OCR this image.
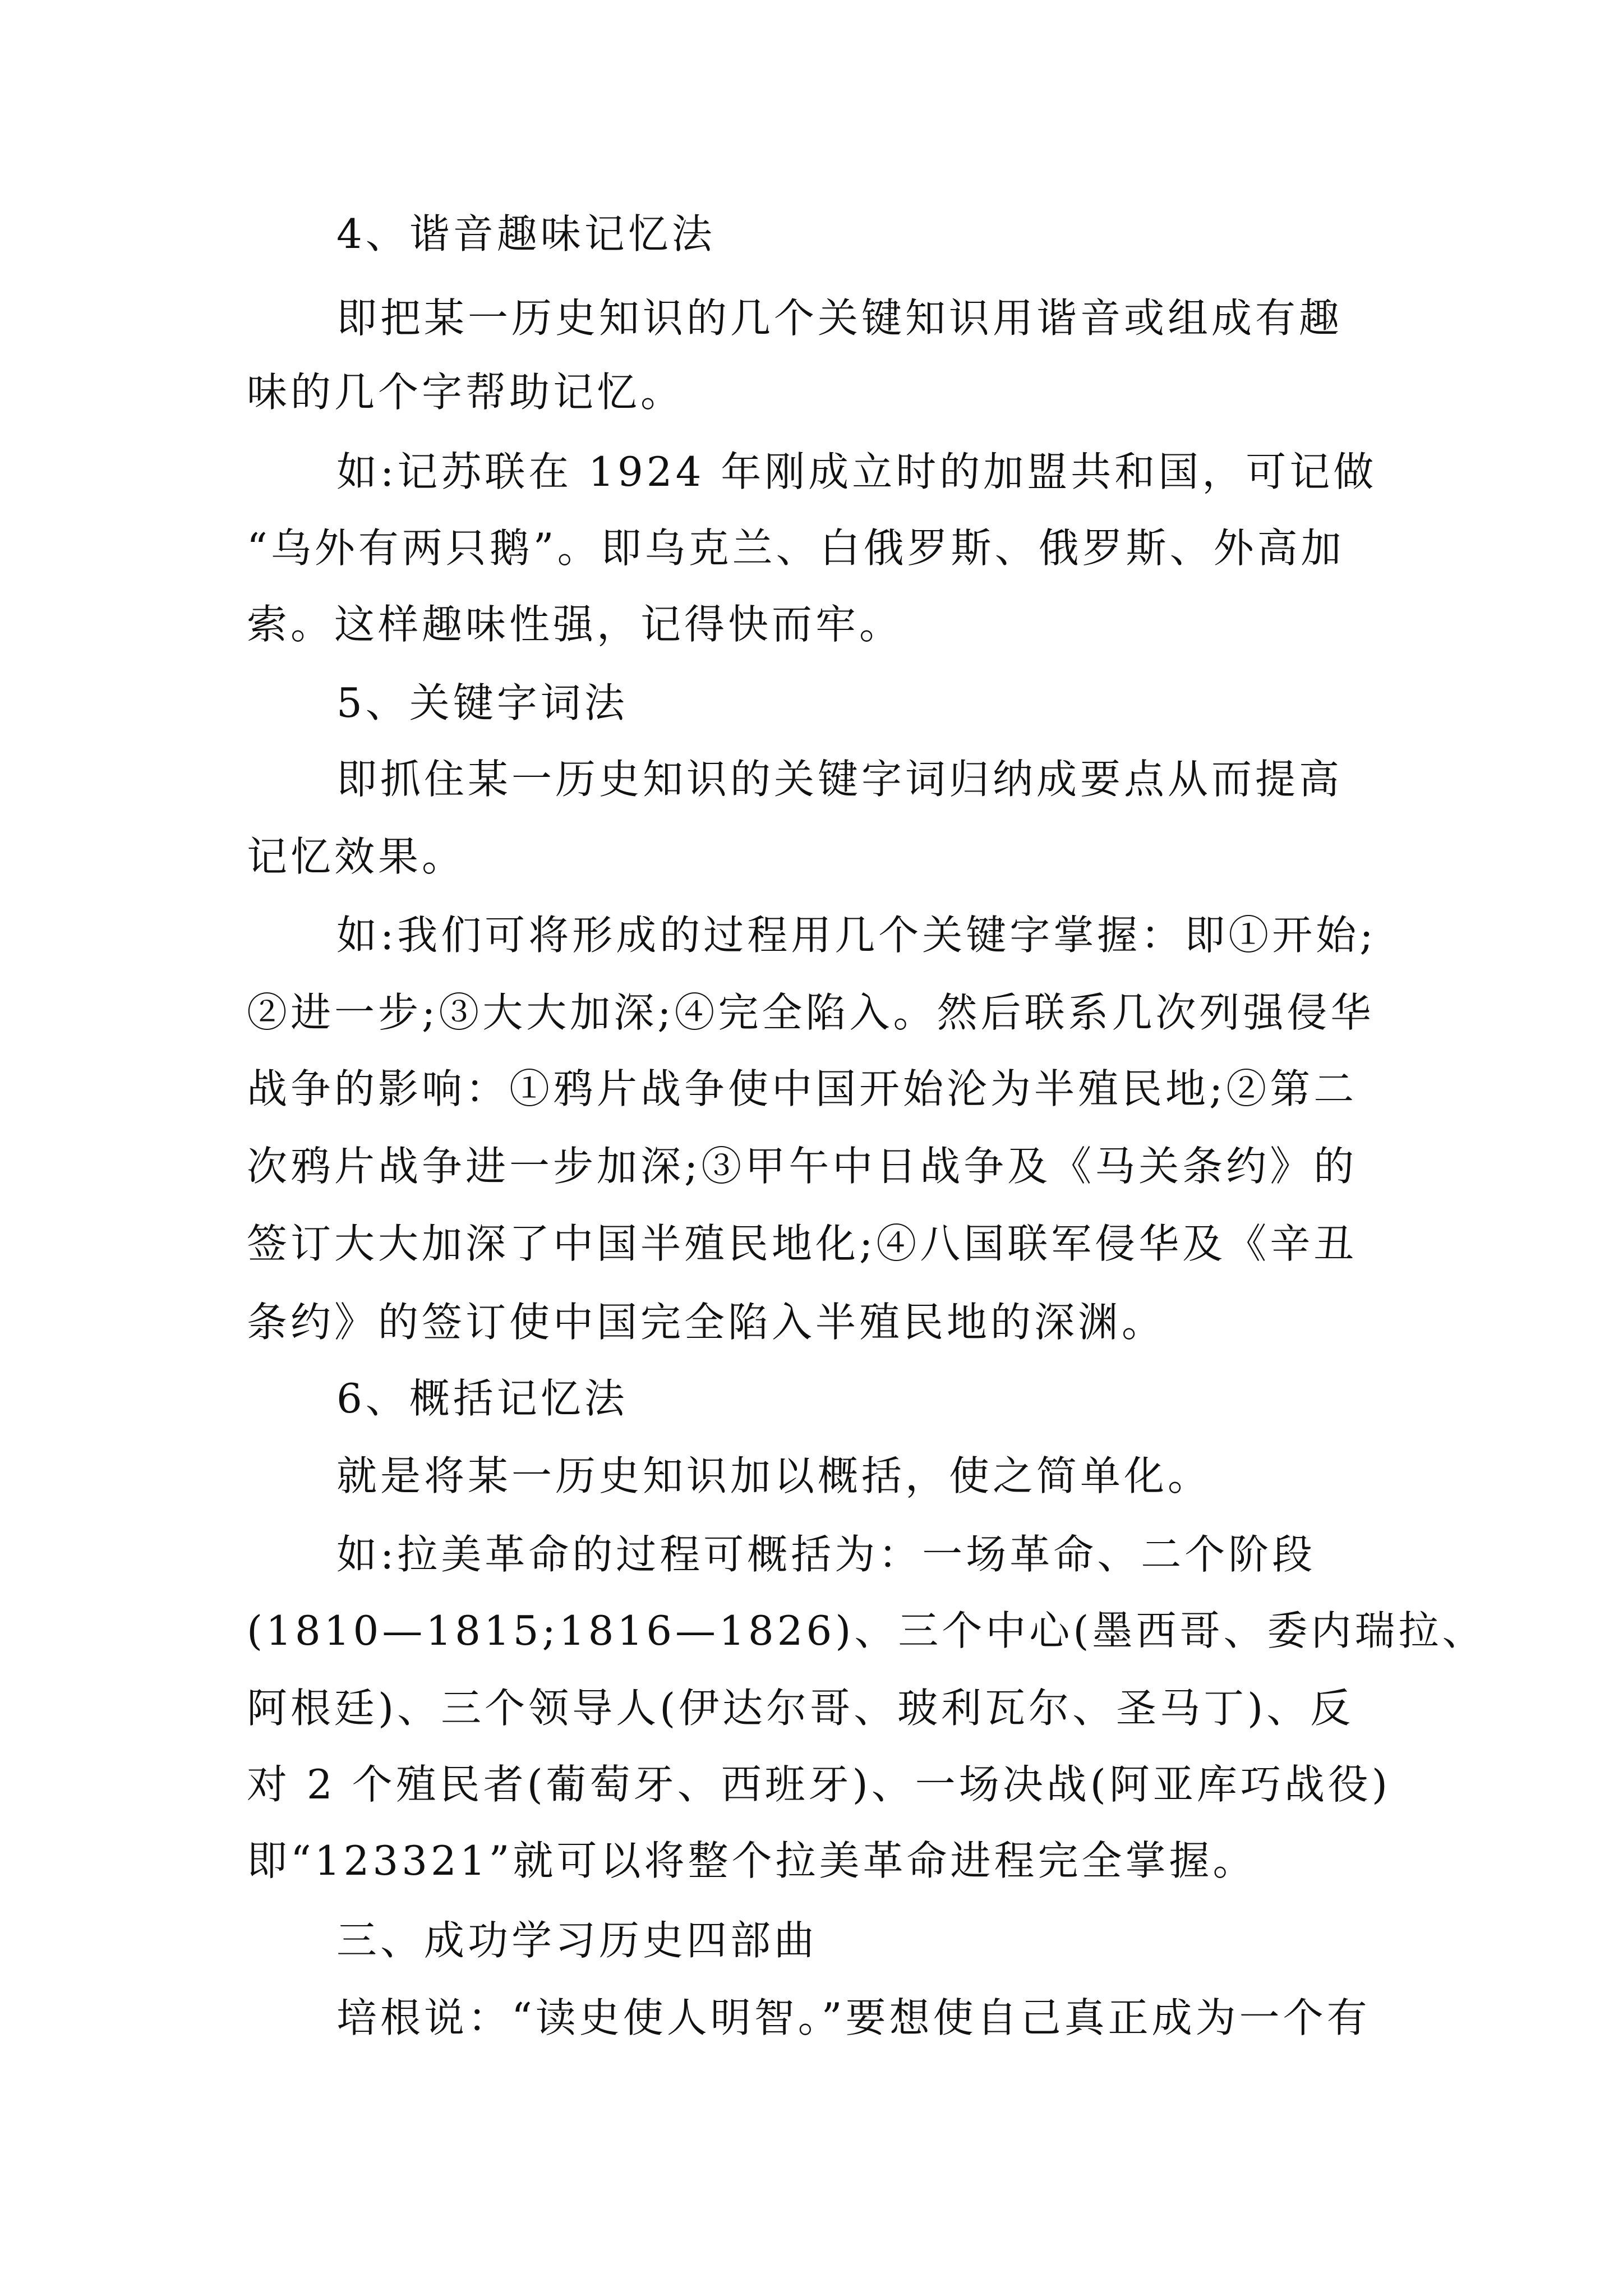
4、谐音趣味记忆法
即把某一历史知识的几个关键知识用谐音或组成有趣
味的几个字帮助记忆。
如:记苏联在 1924 年刚成立时的加盟共和国，可记做
“乌外有两只鹅”。即乌克兰、白俄罗斯、俄罗斯、外高加
索。这样趣味性强，记得快而牢。
5、关键字词法
即抓住某一历史知识的关键字词归纳成要点从而提高
记忆效果。
如:我们可将形成的过程用几个关键字掌握：即①开始;
②进一步;③大大加深;④完全陷入。然后联系几次列强侵华
战争的影响：①鸦片战争使中国开始沦为半殖民地;②第二
次鸦片战争进一步加深;③甲午中日战争及《马关条约》的
签订大大加深了中国半殖民地化;④八国联军侵华及《辛丑
条约》的签订使中国完全陷入半殖民地的深渊。
6、概括记忆法
就是将某一历史知识加以概括，使之简单化。
如:拉美革命的过程可概括为：一场革命、二个阶段
(1810—1815;1816—1826)、三个中心(墨西哥、委内瑞拉、
阿根廷)、三个领导人(伊达尔哥、玻利瓦尔、圣马丁)、反
对 2 个殖民者(葡萄牙、西班牙)、一场决战(阿亚库巧战役)
即“123321”就可以将整个拉美革命进程完全掌握。
三、成功学习历史四部曲
培根说：“读史使人明智。”要想使自己真正成为一个有
